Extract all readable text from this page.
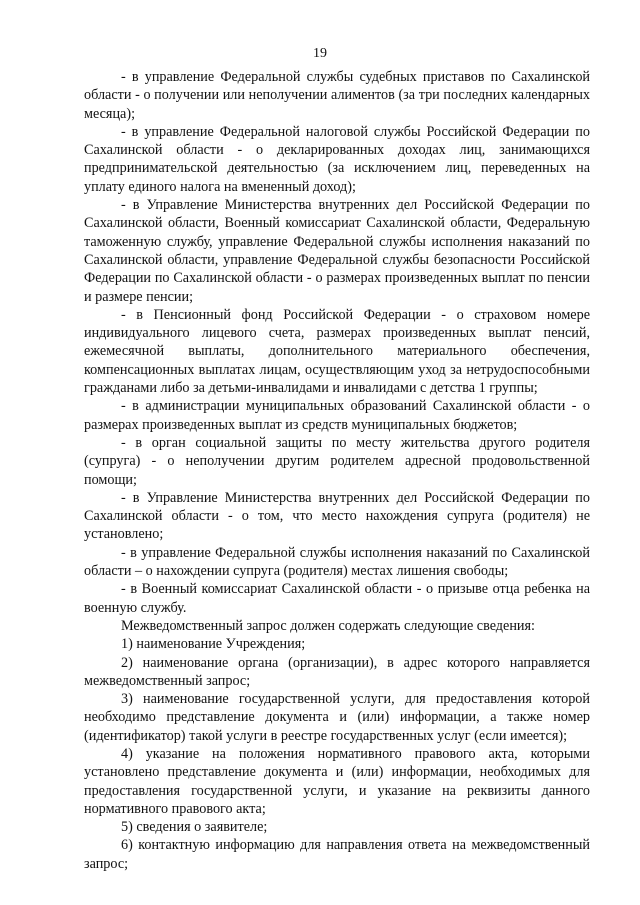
19

- в управление Федеральной службы судебных приставов по Сахалинской области - о получении или неполучении алиментов (за три последних календарных месяца);

- в управление Федеральной налоговой службы Российской Федерации по Сахалинской области - о декларированных доходах лиц, занимающихся предпринимательской деятельностью (за исключением лиц, переведенных на уплату единого налога на вмененный доход);

- в Управление Министерства внутренних дел Российской Федерации по Сахалинской области, Военный комиссариат Сахалинской области, Федеральную таможенную службу, управление Федеральной службы исполнения наказаний по Сахалинской области, управление Федеральной службы безопасности Российской Федерации по Сахалинской области - о размерах произведенных выплат по пенсии и размере пенсии;

- в Пенсионный фонд Российской Федерации - о страховом номере индивидуального лицевого счета, размерах произведенных выплат пенсий, ежемесячной выплаты, дополнительного материального обеспечения, компенсационных выплатах лицам, осуществляющим уход за нетрудоспособными гражданами либо за детьми-инвалидами и инвалидами с детства 1 группы;

- в администрации муниципальных образований Сахалинской области - о размерах произведенных выплат из средств муниципальных бюджетов;

- в орган социальной защиты по месту жительства другого родителя (супруга) - о неполучении другим родителем адресной продовольственной помощи;

- в Управление Министерства внутренних дел Российской Федерации по Сахалинской области - о том, что место нахождения супруга (родителя) не установлено;

- в управление Федеральной службы исполнения наказаний по Сахалинской области – о нахождении супруга (родителя) местах лишения свободы;

- в Военный комиссариат Сахалинской области - о призыве отца ребенка на военную службу.

Межведомственный запрос должен содержать следующие сведения:

1) наименование Учреждения;

2) наименование органа (организации), в адрес которого направляется межведомственный запрос;

3) наименование государственной услуги, для предоставления которой необходимо представление документа и (или) информации, а также номер (идентификатор) такой услуги в реестре государственных услуг (если имеется);

4) указание на положения нормативного правового акта, которыми установлено представление документа и (или) информации, необходимых для предоставления государственной услуги, и указание на реквизиты данного нормативного правового акта;

5) сведения о заявителе;

6) контактную информацию для направления ответа на межведомственный запрос;
